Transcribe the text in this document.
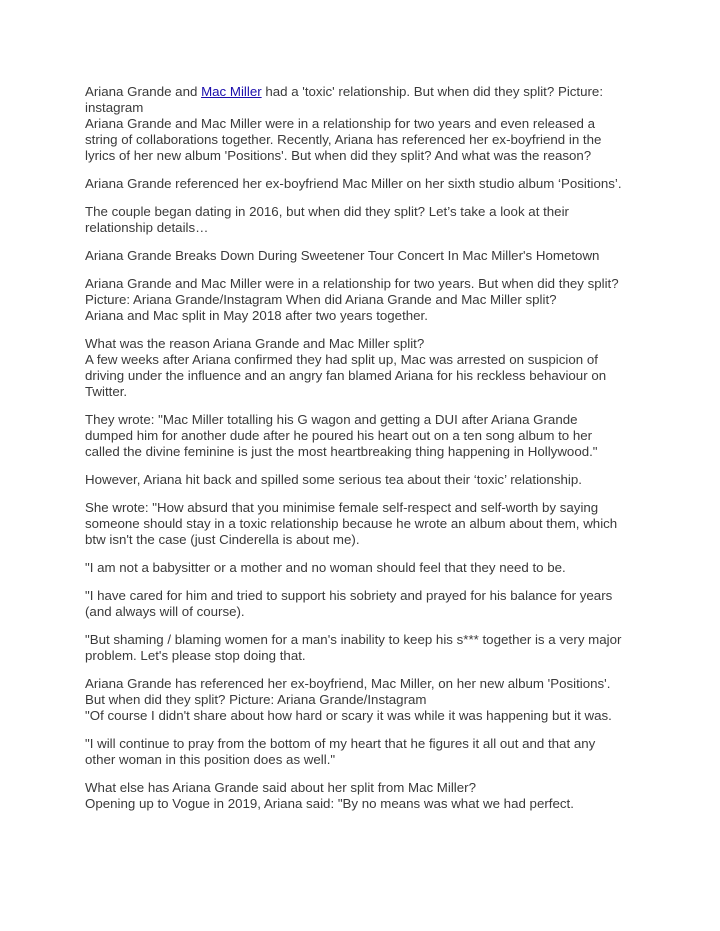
Ariana Grande and Mac Miller had a 'toxic' relationship. But when did they split? Picture:
instagram
Ariana Grande and Mac Miller were in a relationship for two years and even released a
string of collaborations together. Recently, Ariana has referenced her ex-boyfriend in the
lyrics of her new album 'Positions'. But when did they split? And what was the reason?

Ariana Grande referenced her ex-boyfriend Mac Miller on her sixth studio album ‘Positions’.

The couple began dating in 2016, but when did they split? Let’s take a look at their
relationship details…

Ariana Grande Breaks Down During Sweetener Tour Concert In Mac Miller's Hometown

Ariana Grande and Mac Miller were in a relationship for two years. But when did they split?
Picture: Ariana Grande/Instagram When did Ariana Grande and Mac Miller split?
Ariana and Mac split in May 2018 after two years together.

What was the reason Ariana Grande and Mac Miller split?
A few weeks after Ariana confirmed they had split up, Mac was arrested on suspicion of
driving under the influence and an angry fan blamed Ariana for his reckless behaviour on
Twitter.

They wrote: "Mac Miller totalling his G wagon and getting a DUI after Ariana Grande
dumped him for another dude after he poured his heart out on a ten song album to her
called the divine feminine is just the most heartbreaking thing happening in Hollywood."

However, Ariana hit back and spilled some serious tea about their ‘toxic’ relationship.

She wrote: "How absurd that you minimise female self-respect and self-worth by saying
someone should stay in a toxic relationship because he wrote an album about them, which
btw isn't the case (just Cinderella is about me).

"I am not a babysitter or a mother and no woman should feel that they need to be.

"I have cared for him and tried to support his sobriety and prayed for his balance for years
(and always will of course).

"But shaming / blaming women for a man's inability to keep his s*** together is a very major
problem. Let's please stop doing that.

Ariana Grande has referenced her ex-boyfriend, Mac Miller, on her new album 'Positions'.
But when did they split? Picture: Ariana Grande/Instagram
"Of course I didn't share about how hard or scary it was while it was happening but it was.

"I will continue to pray from the bottom of my heart that he figures it all out and that any
other woman in this position does as well."

What else has Ariana Grande said about her split from Mac Miller?
Opening up to Vogue in 2019, Ariana said: "By no means was what we had perfect.
